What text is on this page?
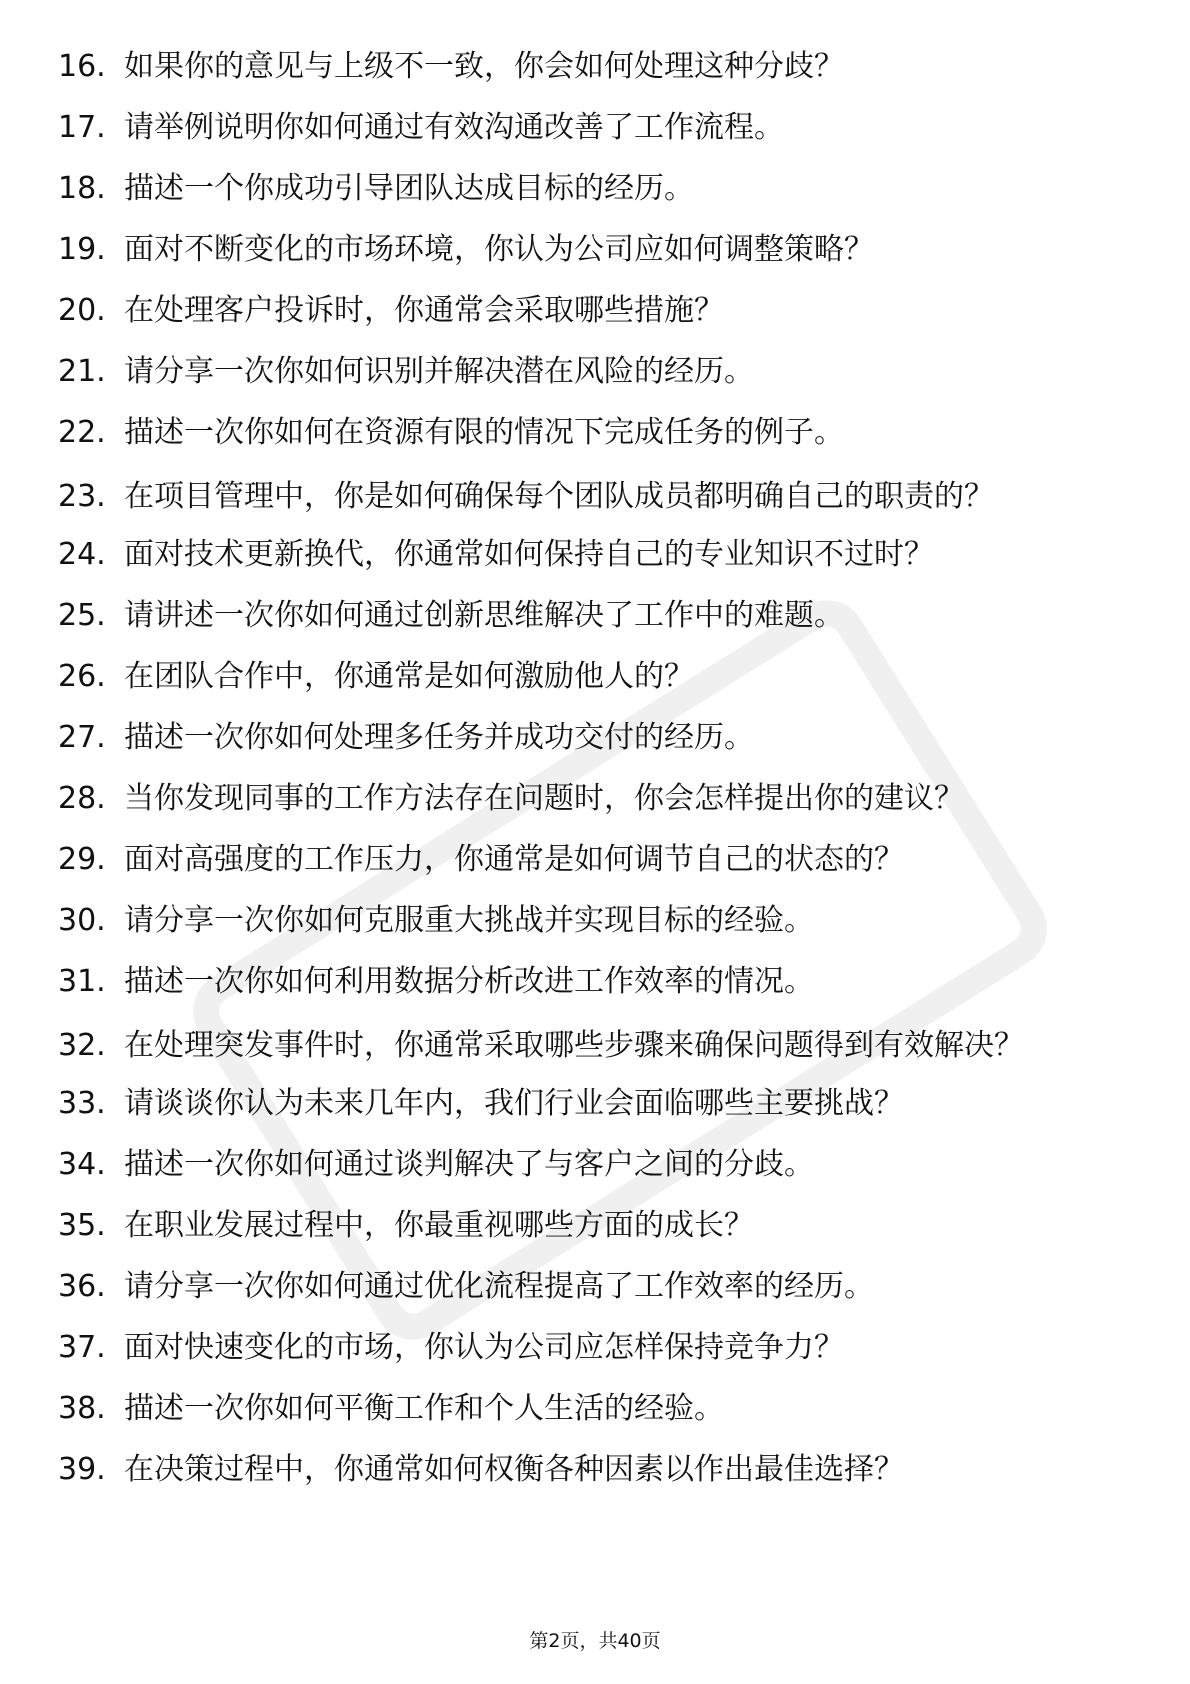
16. 如果你的意见与上级不一致，你会如何处理这种分歧？
17. 请举例说明你如何通过有效沟通改善了工作流程。
18. 描述一个你成功引导团队达成目标的经历。
19. 面对不断变化的市场环境，你认为公司应如何调整策略？
20. 在处理客户投诉时，你通常会采取哪些措施？
21. 请分享一次你如何识别并解决潜在风险的经历。
22. 描述一次你如何在资源有限的情况下完成任务的例子。
23. 在项目管理中，你是如何确保每个团队成员都明确自己的职责的？
24. 面对技术更新换代，你通常如何保持自己的专业知识不过时？
25. 请讲述一次你如何通过创新思维解决了工作中的难题。
26. 在团队合作中，你通常是如何激励他人的？
27. 描述一次你如何处理多任务并成功交付的经历。
28. 当你发现同事的工作方法存在问题时，你会怎样提出你的建议？
29. 面对高强度的工作压力，你通常是如何调节自己的状态的？
30. 请分享一次你如何克服重大挑战并实现目标的经验。
31. 描述一次你如何利用数据分析改进工作效率的情况。
32. 在处理突发事件时，你通常采取哪些步骤来确保问题得到有效解决？
33. 请谈谈你认为未来几年内，我们行业会面临哪些主要挑战？
34. 描述一次你如何通过谈判解决了与客户之间的分歧。
35. 在职业发展过程中，你最重视哪些方面的成长？
36. 请分享一次你如何通过优化流程提高了工作效率的经历。
37. 面对快速变化的市场，你认为公司应怎样保持竞争力？
38. 描述一次你如何平衡工作和个人生活的经验。
39. 在决策过程中，你通常如何权衡各种因素以作出最佳选择？
第2页，共40页
